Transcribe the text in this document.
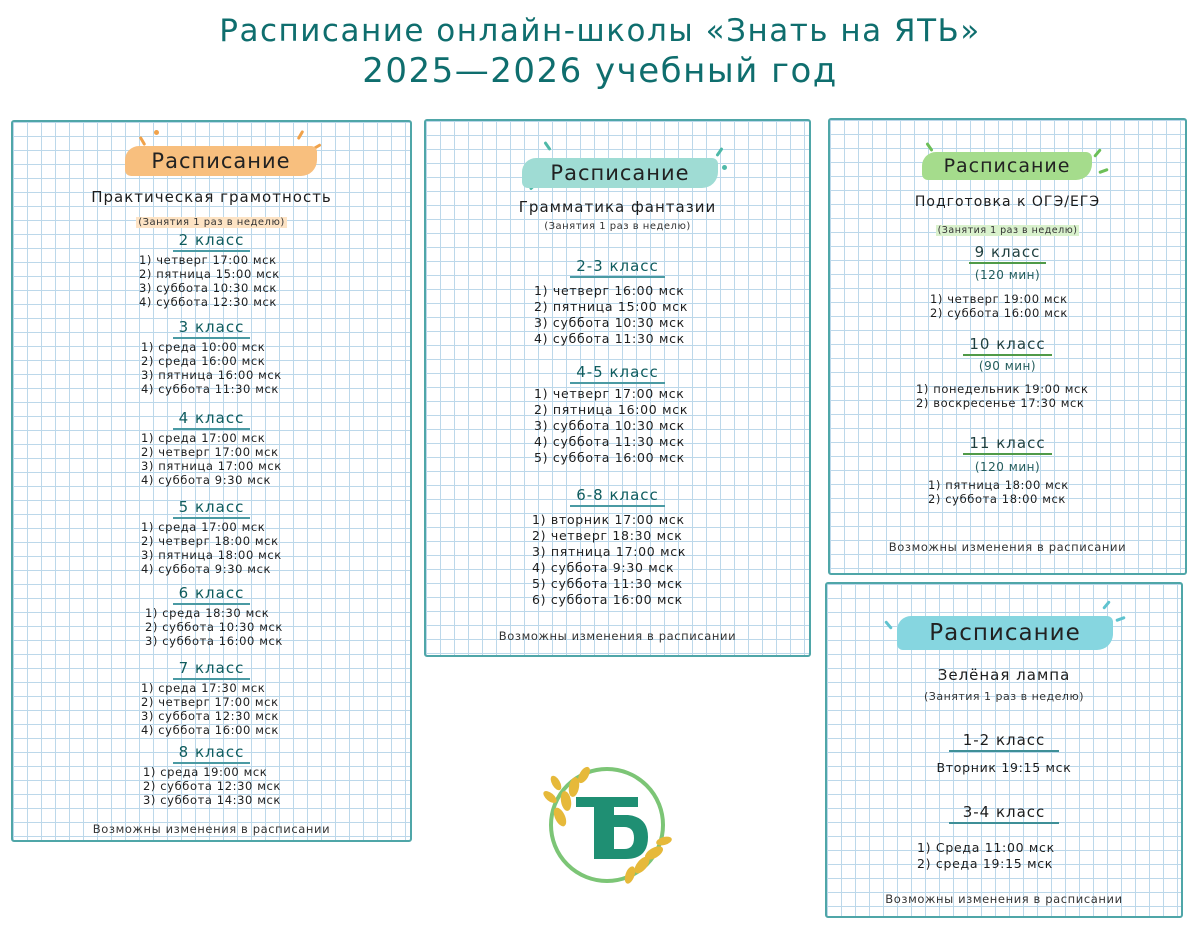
Расписание онлайн-школы «Знать на ЯТЬ»
2025—2026 учебный год
Расписание
Практическая грамотность
(Занятия 1 раз в неделю)
2 класс
1) четверг 17:00 мск
2) пятница 15:00 мск
3) суббота 10:30 мск
4) суббота 12:30 мск
3 класс
1) среда 10:00 мск
2) среда 16:00 мск
3) пятница 16:00 мск
4) суббота 11:30 мск
4 класс
1) среда 17:00 мск
2) четверг 17:00 мск
3) пятница 17:00 мск
4) суббота 9:30 мск
5 класс
1) среда 17:00 мск
2) четверг 18:00 мск
3) пятница 18:00 мск
4) суббота 9:30 мск
6 класс
1) среда 18:30 мск
2) суббота 10:30 мск
3) суббота 16:00 мск
7 класс
1) среда 17:30 мск
2) четверг 17:00 мск
3) суббота 12:30 мск
4) суббота 16:00 мск
8 класс
1) среда 19:00 мск
2) суббота 12:30 мск
3) суббота 14:30 мск
Возможны изменения в расписании
Расписание
Грамматика фантазии
(Занятия 1 раз в неделю)
2-3 класс
1) четверг 16:00 мск
2) пятница 15:00 мск
3) суббота 10:30 мск
4) суббота 11:30 мск
4-5 класс
1) четверг 17:00 мск
2) пятница 16:00 мск
3) суббота 10:30 мск
4) суббота 11:30 мск
5) суббота 16:00 мск
6-8 класс
1) вторник 17:00 мск
2) четверг 18:30 мск
3) пятница 17:00 мск
4) суббота 9:30 мск
5) суббота 11:30 мск
6) суббота 16:00 мск
Возможны изменения в расписании
Расписание
Подготовка к ОГЭ/ЕГЭ
(Занятия 1 раз в неделю)
9 класс
(120 мин)
1) четверг 19:00 мск
2) суббота 16:00 мск
10 класс
(90 мин)
1) понедельник 19:00 мск
2) воскресенье 17:30 мск
11 класс
(120 мин)
1) пятница 18:00 мск
2) суббота 18:00 мск
Возможны изменения в расписании
Расписание
Зелёная лампа
(Занятия 1 раз в неделю)
1-2 класс
Вторник 19:15 мск
3-4 класс
1) Среда 11:00 мск
2) среда 19:15 мск
Возможны изменения в расписании
